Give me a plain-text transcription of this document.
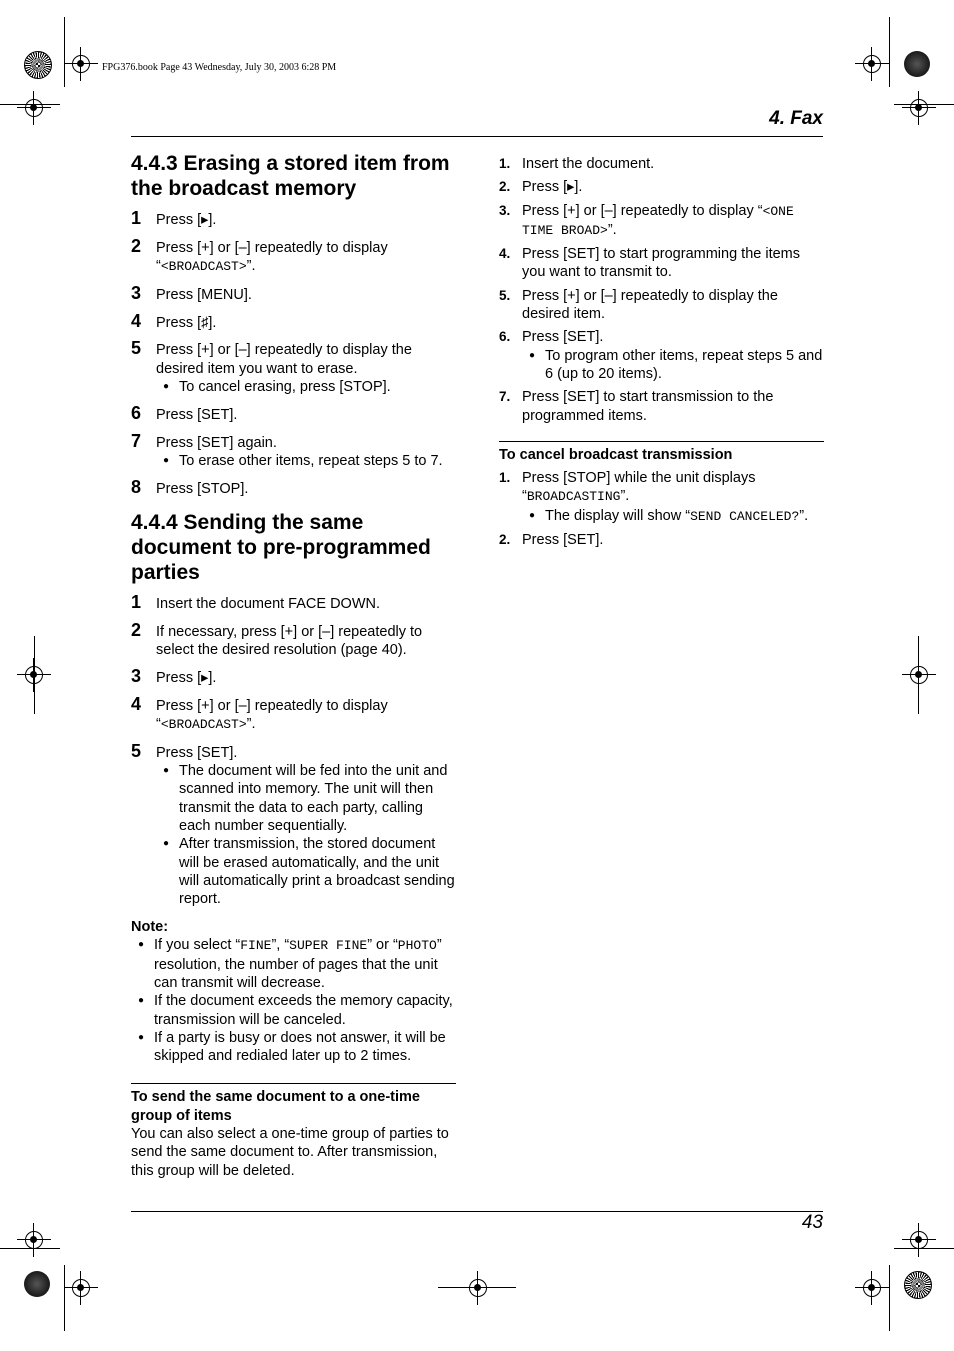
FPG376.book Page 43 Wednesday, July 30, 2003 6:28 PM
4. Fax
4.4.3 Erasing a stored item from the broadcast memory
1 Press [▸].
2 Press [+] or [–] repeatedly to display “<BROADCAST>”.
3 Press [MENU].
4 Press [♯].
5 Press [+] or [–] repeatedly to display the desired item you want to erase.
● To cancel erasing, press [STOP].
6 Press [SET].
7 Press [SET] again.
● To erase other items, repeat steps 5 to 7.
8 Press [STOP].
4.4.4 Sending the same document to pre-programmed parties
1 Insert the document FACE DOWN.
2 If necessary, press [+] or [–] repeatedly to select the desired resolution (page 40).
3 Press [▸].
4 Press [+] or [–] repeatedly to display “<BROADCAST>”.
5 Press [SET].
● The document will be fed into the unit and scanned into memory. The unit will then transmit the data to each party, calling each number sequentially.
● After transmission, the stored document will be erased automatically, and the unit will automatically print a broadcast sending report.
Note:
● If you select “FINE”, “SUPER FINE” or “PHOTO” resolution, the number of pages that the unit can transmit will decrease.
● If the document exceeds the memory capacity, transmission will be canceled.
● If a party is busy or does not answer, it will be skipped and redialed later up to 2 times.
To send the same document to a one-time group of items

You can also select a one-time group of parties to send the same document to. After transmission, this group will be deleted.

1. Insert the document.
2. Press [▸].
3. Press [+] or [–] repeatedly to display “<ONE TIME BROAD>”.
4. Press [SET] to start programming the items you want to transmit to.
5. Press [+] or [–] repeatedly to display the desired item.
6. Press [SET].
● To program other items, repeat steps 5 and 6 (up to 20 items).
7. Press [SET] to start transmission to the programmed items.
To cancel broadcast transmission
1. Press [STOP] while the unit displays “BROADCASTING”.
● The display will show “SEND CANCELED?”.
2. Press [SET].
43
